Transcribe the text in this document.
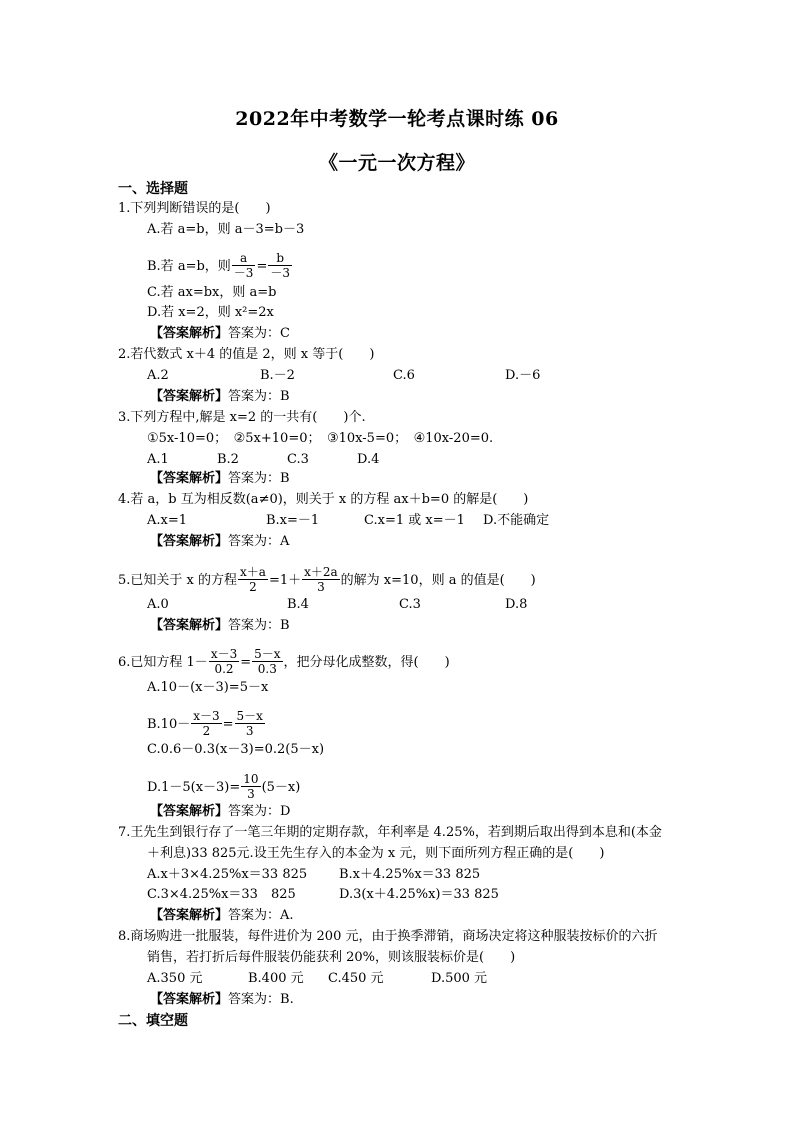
2022年中考数学一轮考点课时练 06
《一元一次方程》
一、选择题
1.下列判断错误的是(　　)
A.若 a=b，则 a－3=b－3
B.若 a=b，则 $\frac{a}{-3} = \frac{b}{-3}$
C.若 ax=bx，则 a=b
D.若 x=2，则 x²=2x
【答案解析】答案为：C
2.若代数式 x＋4 的值是 2，则 x 等于(　　)
A.2	B.－2	C.6	D.－6
【答案解析】答案为：B
3.下列方程中,解是 x=2 的一共有(　　)个.
①5x-10=0；　②5x+10=0；　③10x-5=0；　④10x-20=0.
A.1	B.2	C.3	D.4
【答案解析】答案为：B
4.若 a，b 互为相反数(a≠0)，则关于 x 的方程 ax＋b=0 的解是(　　)
A.x=1	B.x=－1	C.x=1 或 x=－1 D.不能确定
【答案解析】答案为：A
5.已知关于 x 的方程 $\frac{x+a}{2} =1+ \frac{x+2a}{3}$ 的解为 x=10，则 a 的值是(　　)
A.0	B.4	C.3	D.8
【答案解析】答案为：B
6.已知方程 $1- \frac{x-3}{0.2} = \frac{5-x}{0.3}$ ，把分母化成整数，得(　　)
A.10－(x－3)=5－x
$B.10- \frac{x-3}{2} = \frac{5-x}{3}$
C.0.6－0.3(x－3)=0.2(5－x)
$D.1-5(x-3)= \frac{10}{3} (5-x)$
【答案解析】答案为：D
7.王先生到银行存了一笔三年期的定期存款，年利率是 4.25%，若到期后取出得到本息和(本金
＋利息)33 825元.设王先生存入的本金为 x 元，则下面所列方程正确的是(　　)
A.x＋3×4.25%x＝33 825 B.x＋4.25%x＝33 825
C.3×4.25%x＝33　825	D.3(x＋4.25%x)＝33 825
【答案解析】答案为：A.
8.商场购进一批服装，每件进价为 200 元，由于换季滞销，商场决定将这种服装按标价的六折
销售，若打折后每件服装仍能获利 20%，则该服装标价是(　　)
A.350 元	B.400 元 C.450 元	D.500 元
【答案解析】答案为：B.
二、填空题
